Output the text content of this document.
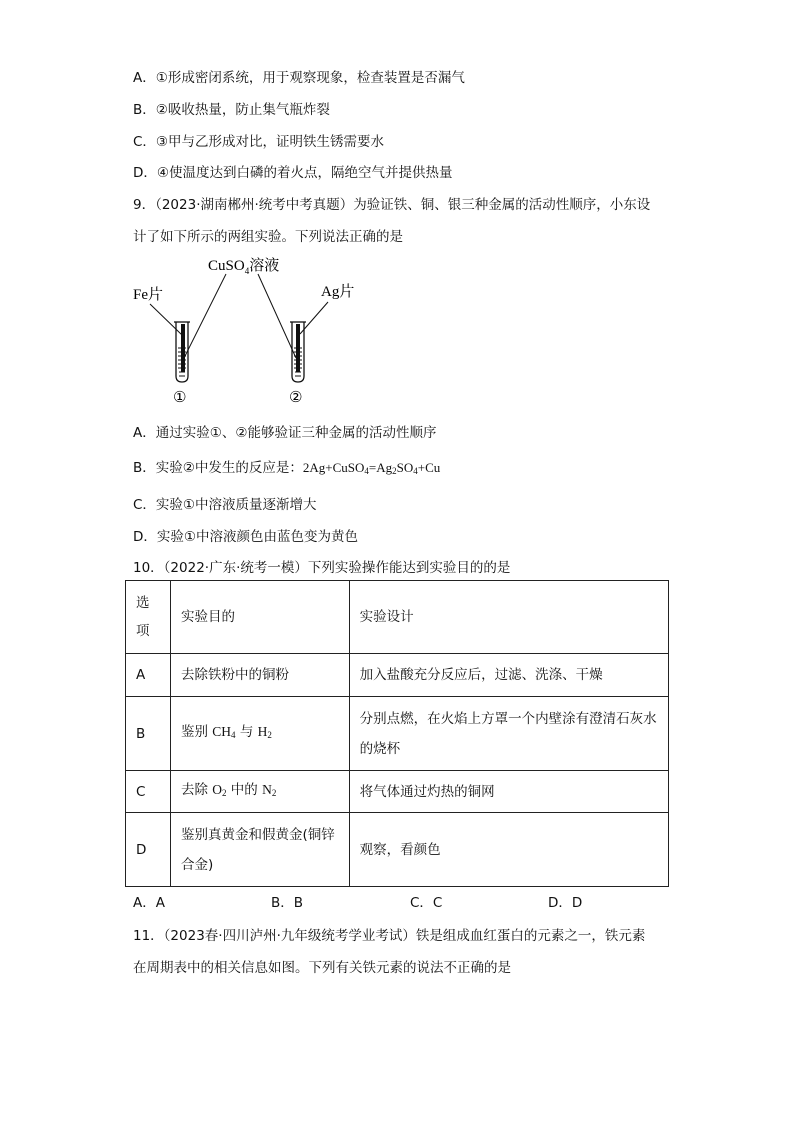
A．①形成密闭系统，用于观察现象，检查装置是否漏气
B．②吸收热量，防止集气瓶炸裂
C．③甲与乙形成对比，证明铁生锈需要水
D．④使温度达到白磷的着火点，隔绝空气并提供热量
9．（2023·湖南郴州·统考中考真题）为验证铁、铜、银三种金属的活动性顺序，小东设
计了如下所示的两组实验。下列说法正确的是
Fe片
CuSO$_4$溶液
Ag片
①	②
A．通过实验①、②能够验证三种金属的活动性顺序
B．实验②中发生的反应是：$2Ag+CuSO_4=Ag_2SO_4+Cu$
C．实验①中溶液质量逐渐增大
D．实验①中溶液颜色由蓝色变为黄色
10．（2022·广东·统考一模）下列实验操作能达到实验目的的是
选
项	实验目的	实验设计
A	去除铁粉中的铜粉	加入盐酸充分反应后，过滤、洗涤、干燥
B	鉴别 $CH_4$ 与 $H_2$	分别点燃，在火焰上方罩一个内壁涂有澄清石灰水的烧杯
C	去除 $O_2$ 中的 $N_2$	将气体通过灼热的铜网
D	鉴别真黄金和假黄金(铜锌合金)	观察，看颜色
A．A	B．B	C．C	D．D
11．（2023春·四川泸州·九年级统考学业考试）铁是组成血红蛋白的元素之一，铁元素
在周期表中的相关信息如图。下列有关铁元素的说法不正确的是
